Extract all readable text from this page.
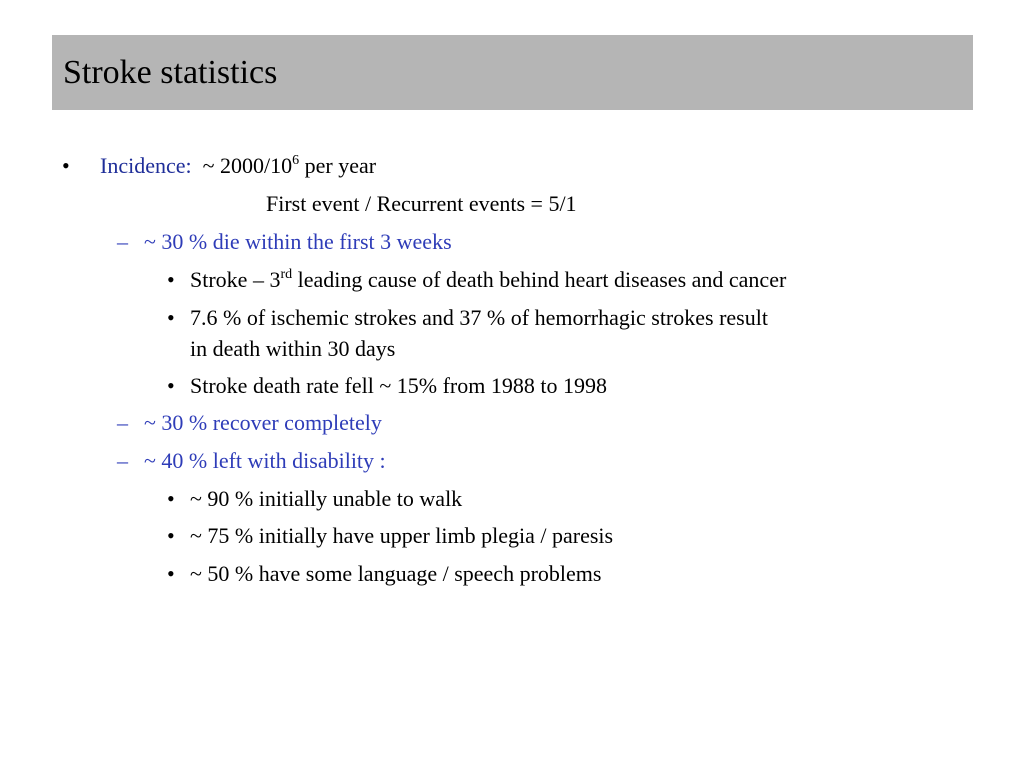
Stroke statistics
• Incidence: ~ $2000/10^6$ per year
First event / Recurrent events = 5/1
– ~ 30 % die within the first 3 weeks
• Stroke – 3rd leading cause of death behind heart diseases and cancer
• 7.6 % of ischemic strokes and 37 % of hemorrhagic strokes result
in death within 30 days
• Stroke death rate fell ~ 15% from 1988 to 1998
– ~ 30 % recover completely
– ~ 40 % left with disability :
• ~ 90 % initially unable to walk
• ~ 75 % initially have upper limb plegia / paresis
• ~ 50 % have some language / speech problems
